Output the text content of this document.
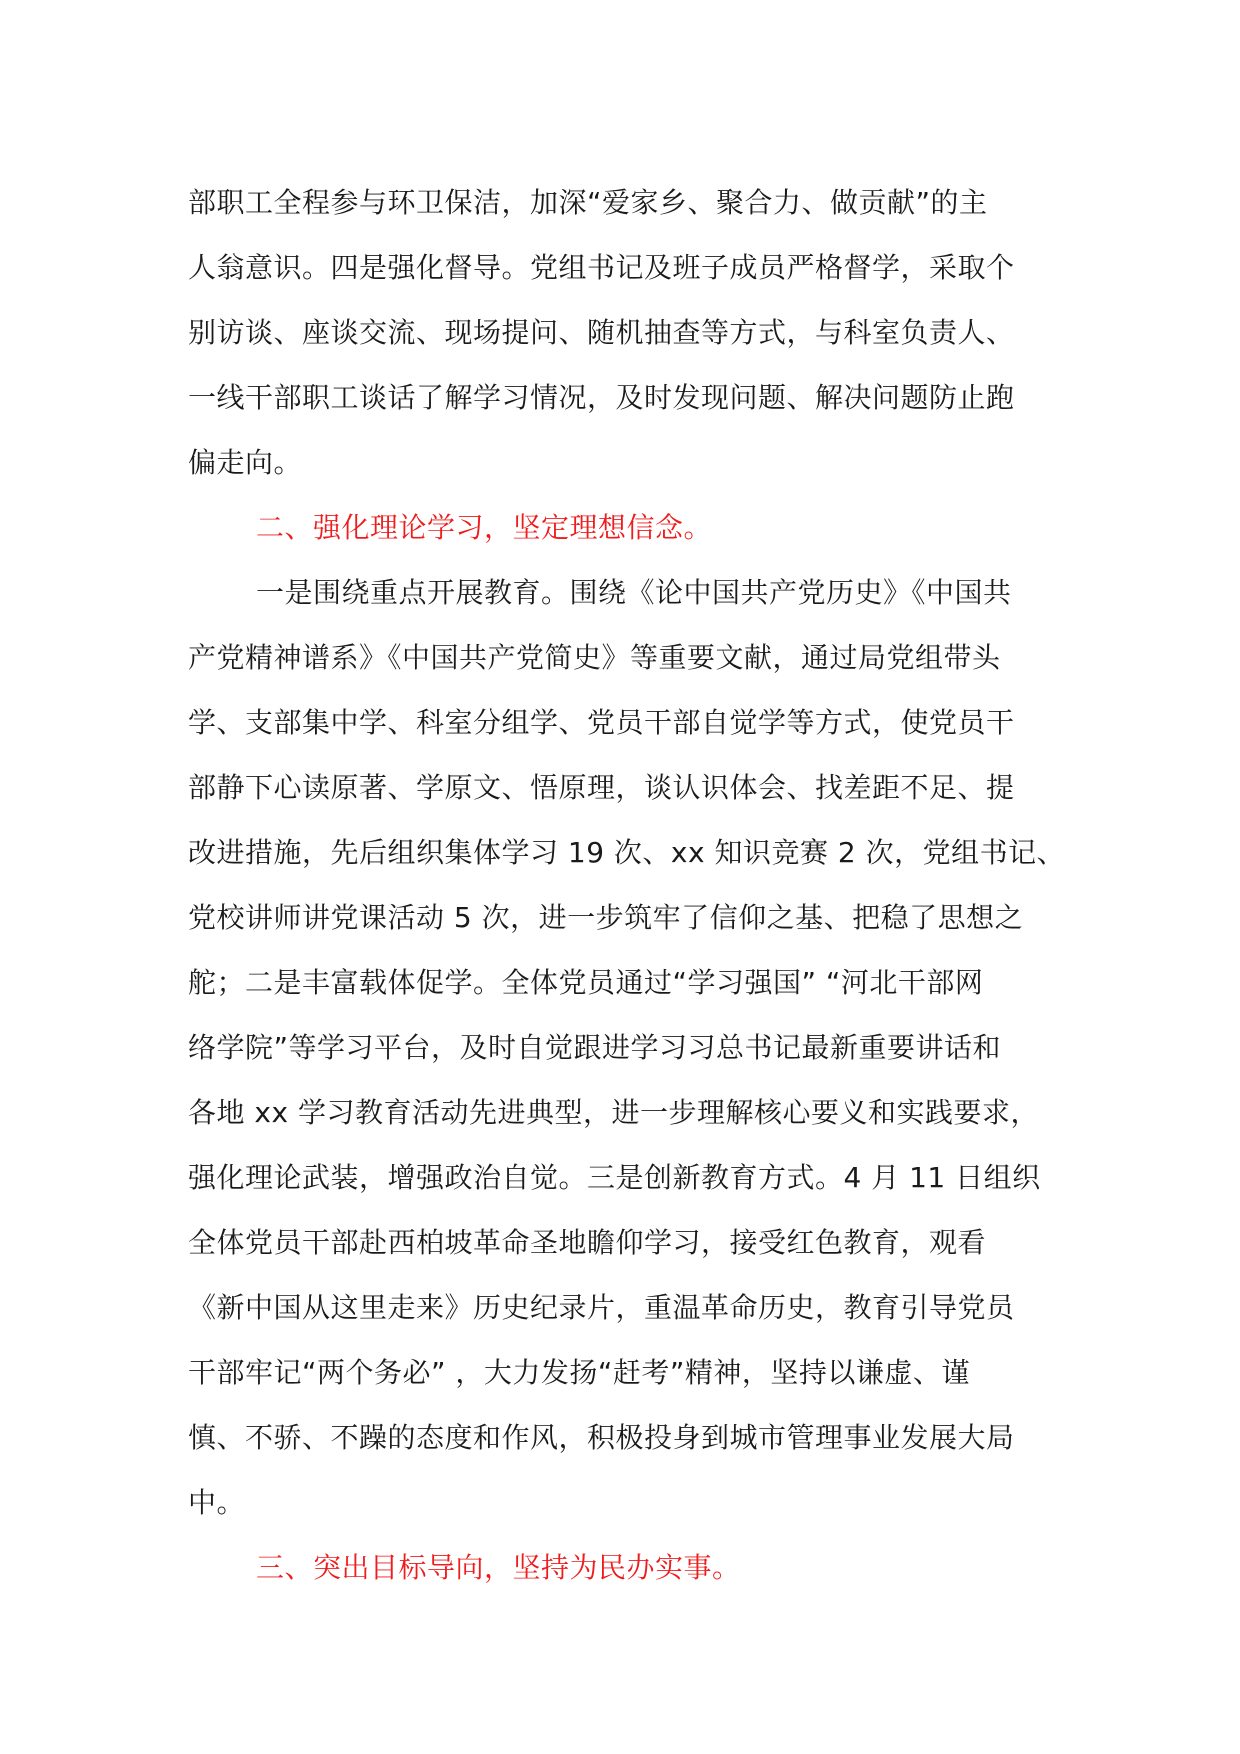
部职工全程参与环卫保洁，加深“爱家乡、聚合力、做贡献”的主
人翁意识。四是强化督导。党组书记及班子成员严格督学，采取个
别访谈、座谈交流、现场提问、随机抽查等方式，与科室负责人、
一线干部职工谈话了解学习情况，及时发现问题、解决问题防止跑
偏走向。
二、强化理论学习，坚定理想信念。
一是围绕重点开展教育。围绕《论中国共产党历史》《中国共
产党精神谱系》《中国共产党简史》等重要文献，通过局党组带头
学、支部集中学、科室分组学、党员干部自觉学等方式，使党员干
部静下心读原著、学原文、悟原理，谈认识体会、找差距不足、提
改进措施，先后组织集体学习 19 次、xx 知识竞赛 2 次，党组书记、
党校讲师讲党课活动 5 次，进一步筑牢了信仰之基、把稳了思想之
舵；二是丰富载体促学。全体党员通过“学习强国” “河北干部网
络学院”等学习平台，及时自觉跟进学习习总书记最新重要讲话和
各地 xx 学习教育活动先进典型，进一步理解核心要义和实践要求，
强化理论武装，增强政治自觉。三是创新教育方式。4 月 11 日组织
全体党员干部赴西柏坡革命圣地瞻仰学习，接受红色教育，观看
《新中国从这里走来》历史纪录片，重温革命历史，教育引导党员
干部牢记“两个务必” ，大力发扬“赶考”精神，坚持以谦虚、谨
慎、不骄、不躁的态度和作风，积极投身到城市管理事业发展大局
中。
三、突出目标导向，坚持为民办实事。
